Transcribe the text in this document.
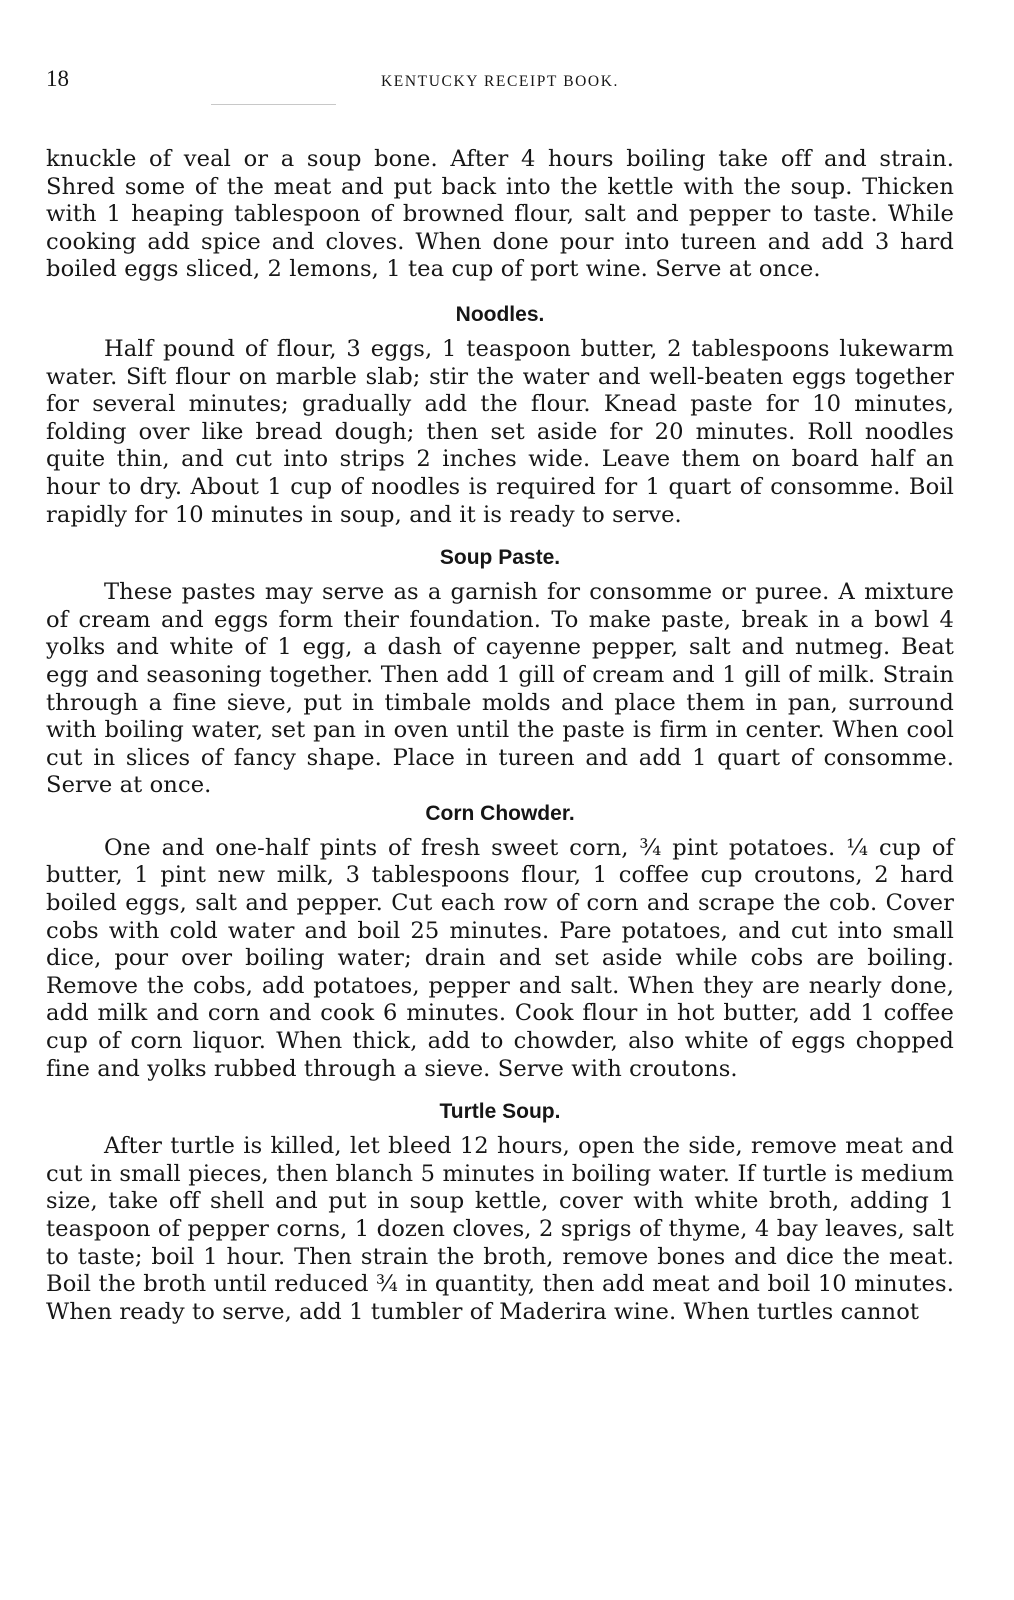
18	KENTUCKY RECEIPT BOOK.

knuckle of veal or a soup bone. After 4 hours boiling take off and strain. Shred some of the meat and put back into the kettle with the soup. Thicken with 1 heaping tablespoon of browned flour, salt and pepper to taste. While cooking add spice and cloves. When done pour into tureen and add 3 hard boiled eggs sliced, 2 lemons, 1 tea cup of port wine. Serve at once.

Noodles.

Half pound of flour, 3 eggs, 1 teaspoon butter, 2 tablespoons lukewarm water. Sift flour on marble slab; stir the water and well-beaten eggs together for several minutes; gradually add the flour. Knead paste for 10 minutes, folding over like bread dough; then set aside for 20 minutes. Roll noodles quite thin, and cut into strips 2 inches wide. Leave them on board half an hour to dry. About 1 cup of noodles is required for 1 quart of consomme. Boil rapidly for 10 minutes in soup, and it is ready to serve.

Soup Paste.

These pastes may serve as a garnish for consomme or puree. A mixture of cream and eggs form their foundation. To make paste, break in a bowl 4 yolks and white of 1 egg, a dash of cayenne pepper, salt and nutmeg. Beat egg and seasoning together. Then add 1 gill of cream and 1 gill of milk. Strain through a fine sieve, put in timbale molds and place them in pan, surround with boiling water, set pan in oven until the paste is firm in center. When cool cut in slices of fancy shape. Place in tureen and add 1 quart of consomme. Serve at once.

Corn Chowder.

One and one-half pints of fresh sweet corn, ¾ pint potatoes. ¼ cup of butter, 1 pint new milk, 3 tablespoons flour, 1 coffee cup croutons, 2 hard boiled eggs, salt and pepper. Cut each row of corn and scrape the cob. Cover cobs with cold water and boil 25 minutes. Pare potatoes, and cut into small dice, pour over boiling water; drain and set aside while cobs are boiling. Remove the cobs, add potatoes, pepper and salt. When they are nearly done, add milk and corn and cook 6 minutes. Cook flour in hot butter, add 1 coffee cup of corn liquor. When thick, add to chowder, also white of eggs chopped fine and yolks rubbed through a sieve. Serve with croutons.

Turtle Soup.

After turtle is killed, let bleed 12 hours, open the side, remove meat and cut in small pieces, then blanch 5 minutes in boiling water. If turtle is medium size, take off shell and put in soup kettle, cover with white broth, adding 1 teaspoon of pepper corns, 1 dozen cloves, 2 sprigs of thyme, 4 bay leaves, salt to taste; boil 1 hour. Then strain the broth, remove bones and dice the meat. Boil the broth until reduced ¾ in quantity, then add meat and boil 10 minutes. When ready to serve, add 1 tumbler of Maderira wine. When turtles cannot
